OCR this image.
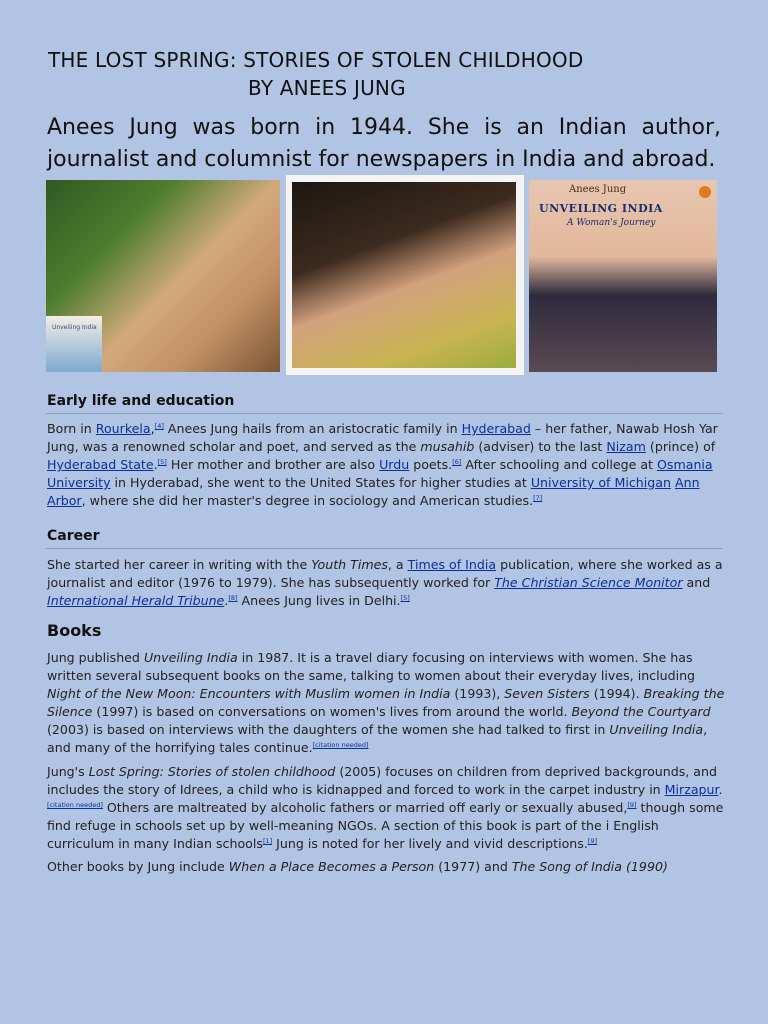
THE LOST SPRING: STORIES OF STOLEN CHILDHOOD
BY ANEES JUNG
Anees Jung was born in 1944. She is an Indian author, journalist and columnist for newspapers in India and abroad.
Unveiling India
Anees Jung
UNVEILING INDIA
A Woman's Journey
Early life and education
Born in Rourkela,[4] Anees Jung hails from an aristocratic family in Hyderabad – her father, Nawab Hosh Yar Jung, was a renowned scholar and poet, and served as the musahib (adviser) to the last Nizam (prince) of Hyderabad State.[5] Her mother and brother are also Urdu poets.[6] After schooling and college at Osmania University in Hyderabad, she went to the United States for higher studies at University of Michigan Ann Arbor, where she did her master's degree in sociology and American studies.[7]
Career
She started her career in writing with the Youth Times, a Times of India publication, where she worked as a journalist and editor (1976 to 1979). She has subsequently worked for The Christian Science Monitor and International Herald Tribune.[8] Anees Jung lives in Delhi.[5]
Books
Jung published Unveiling India in 1987. It is a travel diary focusing on interviews with women. She has written several subsequent books on the same, talking to women about their everyday lives, including Night of the New Moon: Encounters with Muslim women in India (1993), Seven Sisters (1994). Breaking the Silence (1997) is based on conversations on women's lives from around the world. Beyond the Courtyard (2003) is based on interviews with the daughters of the women she had talked to first in Unveiling India, and many of the horrifying tales continue.[citation needed]
Jung's Lost Spring: Stories of stolen childhood (2005) focuses on children from deprived backgrounds, and includes the story of Idrees, a child who is kidnapped and forced to work in the carpet industry in Mirzapur.[citation needed] Others are maltreated by alcoholic fathers or married off early or sexually abused,[9] though some find refuge in schools set up by well-meaning NGOs. A section of this book is part of the i English curriculum in many Indian schools[1] Jung is noted for her lively and vivid descriptions.[9]
Other books by Jung include When a Place Becomes a Person (1977) and The Song of India (1990)
